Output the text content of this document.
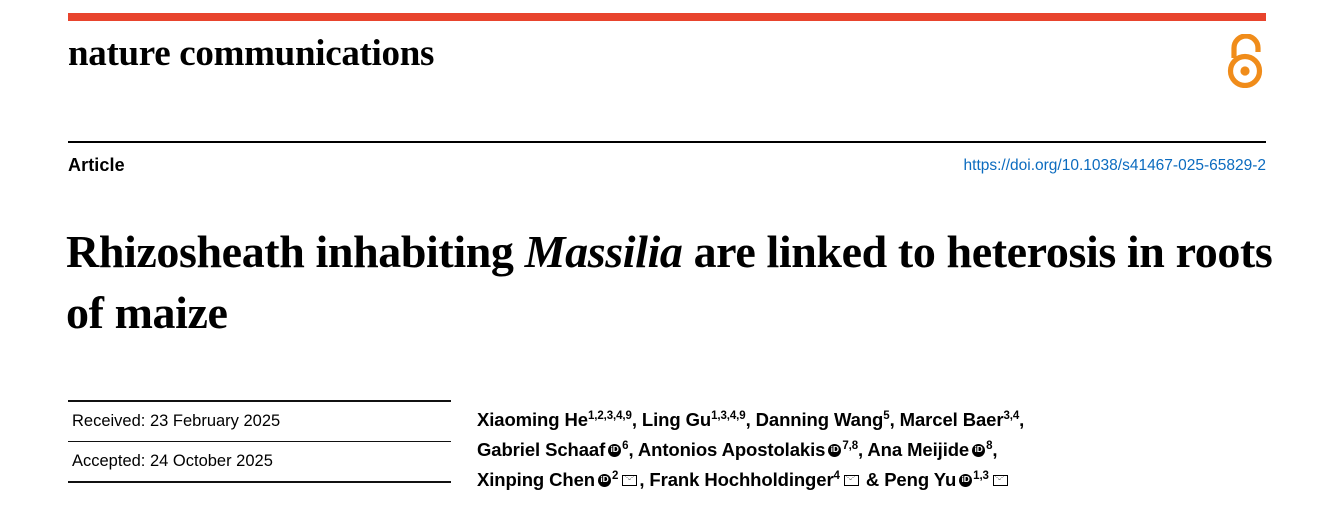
nature communications
Article	https://doi.org/10.1038/s41467-025-65829-2
Rhizosheath inhabiting Massilia are linked to heterosis in roots of maize
Received: 23 February 2025
Accepted: 24 October 2025
Xiaoming He$^{1,2,3,4,9}$, Ling Gu$^{1,3,4,9}$, Danning Wang$^5$, Marcel Baer$^{3,4}$,
Gabriel Schaaf iD $^6$, Antonios Apostolakis iD $^{7,8}$, Ana Meijide iD $^8$,
Xinping Chen iD $^2$ , Frank Hochholdinger$^4$ & Peng Yu iD $^{1,3}$
